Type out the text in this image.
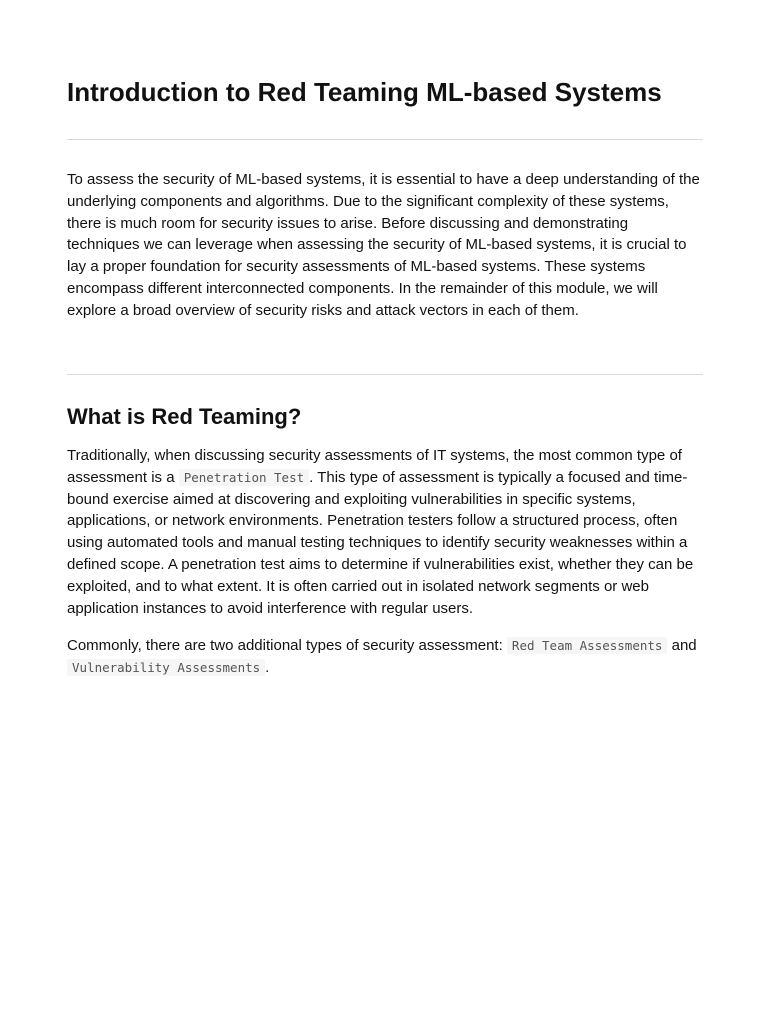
Introduction to Red Teaming ML-based Systems

To assess the security of ML-based systems, it is essential to have a deep understanding of the underlying components and algorithms. Due to the significant complexity of these systems, there is much room for security issues to arise. Before discussing and demonstrating techniques we can leverage when assessing the security of ML-based systems, it is crucial to lay a proper foundation for security assessments of ML-based systems. These systems encompass different interconnected components. In the remainder of this module, we will explore a broad overview of security risks and attack vectors in each of them.

What is Red Teaming?

Traditionally, when discussing security assessments of IT systems, the most common type of assessment is a Penetration Test . This type of assessment is typically a focused and time-bound exercise aimed at discovering and exploiting vulnerabilities in specific systems, applications, or network environments. Penetration testers follow a structured process, often using automated tools and manual testing techniques to identify security weaknesses within a defined scope. A penetration test aims to determine if vulnerabilities exist, whether they can be exploited, and to what extent. It is often carried out in isolated network segments or web application instances to avoid interference with regular users.

Commonly, there are two additional types of security assessment: Red Team Assessments and Vulnerability Assessments .
